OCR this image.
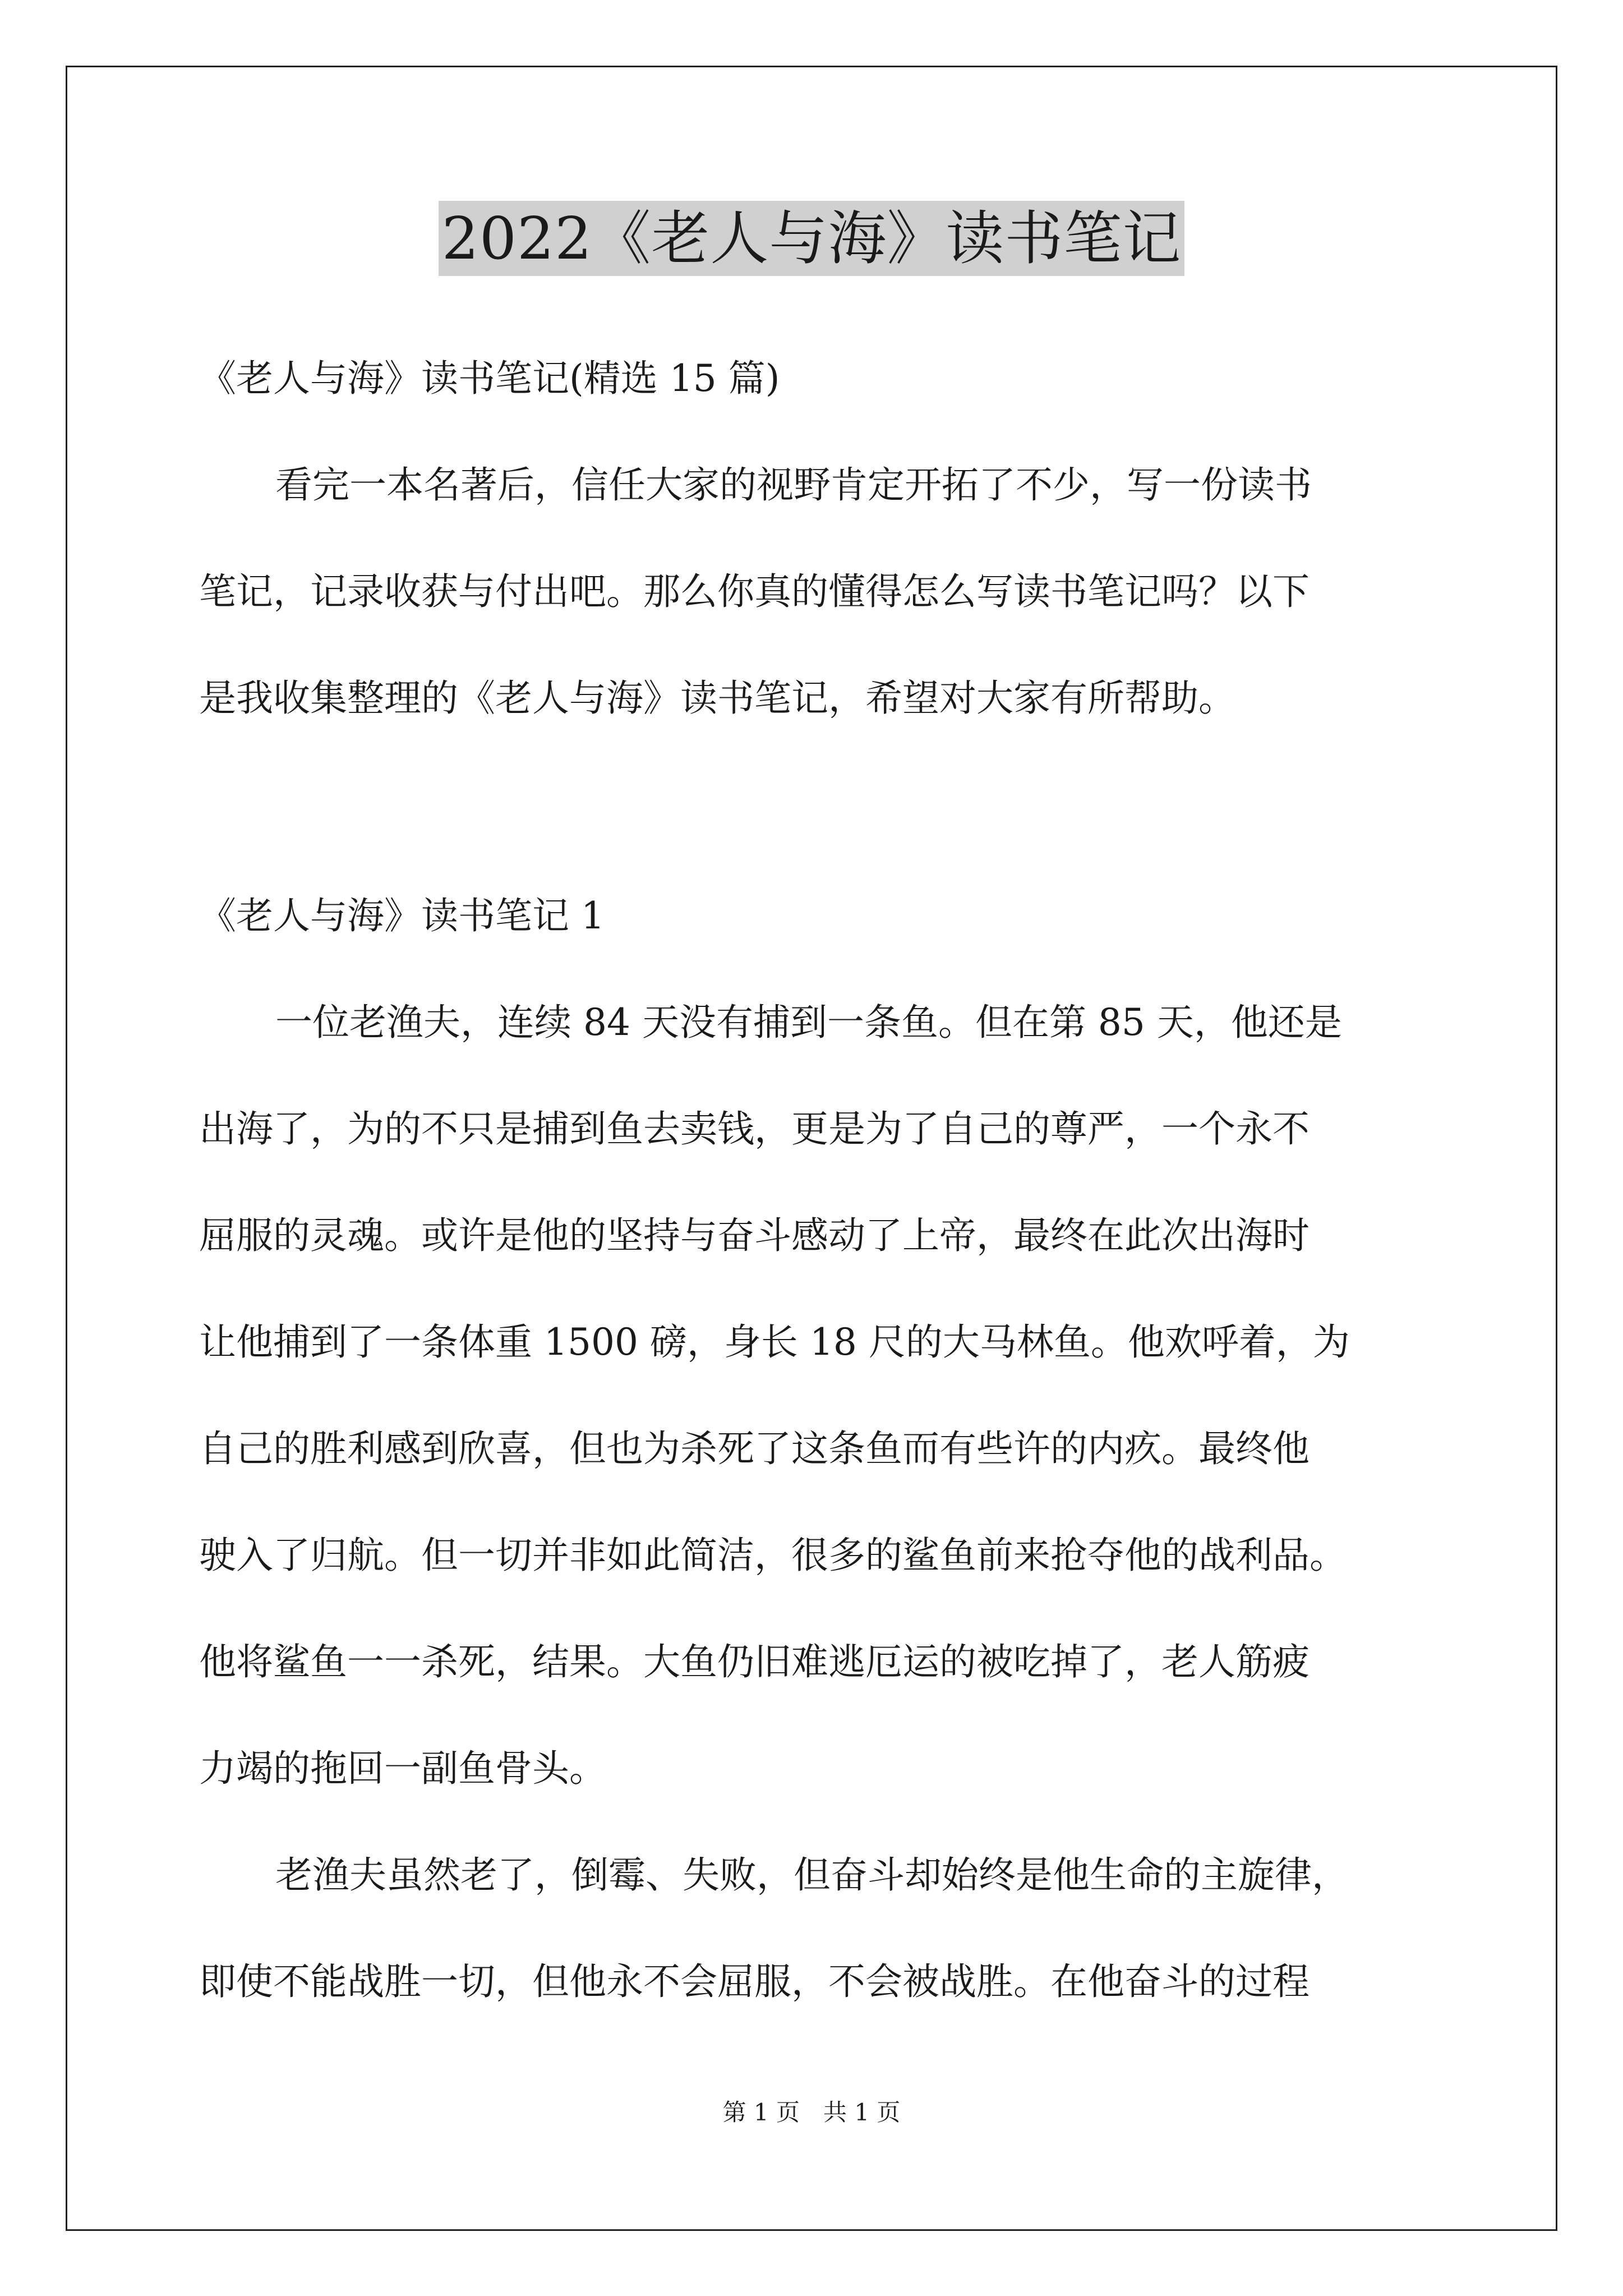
2022《老人与海》读书笔记
《老人与海》读书笔记(精选 15 篇)
看完一本名著后，信任大家的视野肯定开拓了不少，写一份读书
笔记，记录收获与付出吧。那么你真的懂得怎么写读书笔记吗？以下
是我收集整理的《老人与海》读书笔记，希望对大家有所帮助。
《老人与海》读书笔记 1
一位老渔夫，连续 84 天没有捕到一条鱼。但在第 85 天，他还是
出海了，为的不只是捕到鱼去卖钱，更是为了自己的尊严，一个永不
屈服的灵魂。或许是他的坚持与奋斗感动了上帝，最终在此次出海时
让他捕到了一条体重 1500 磅，身长 18 尺的大马林鱼。他欢呼着，为
自己的胜利感到欣喜，但也为杀死了这条鱼而有些许的内疚。最终他
驶入了归航。但一切并非如此简洁，很多的鲨鱼前来抢夺他的战利品。
他将鲨鱼一一杀死，结果。大鱼仍旧难逃厄运的被吃掉了，老人筋疲
力竭的拖回一副鱼骨头。
老渔夫虽然老了，倒霉、失败，但奋斗却始终是他生命的主旋律，
即使不能战胜一切，但他永不会屈服，不会被战胜。在他奋斗的过程
第 1 页　共 1 页
